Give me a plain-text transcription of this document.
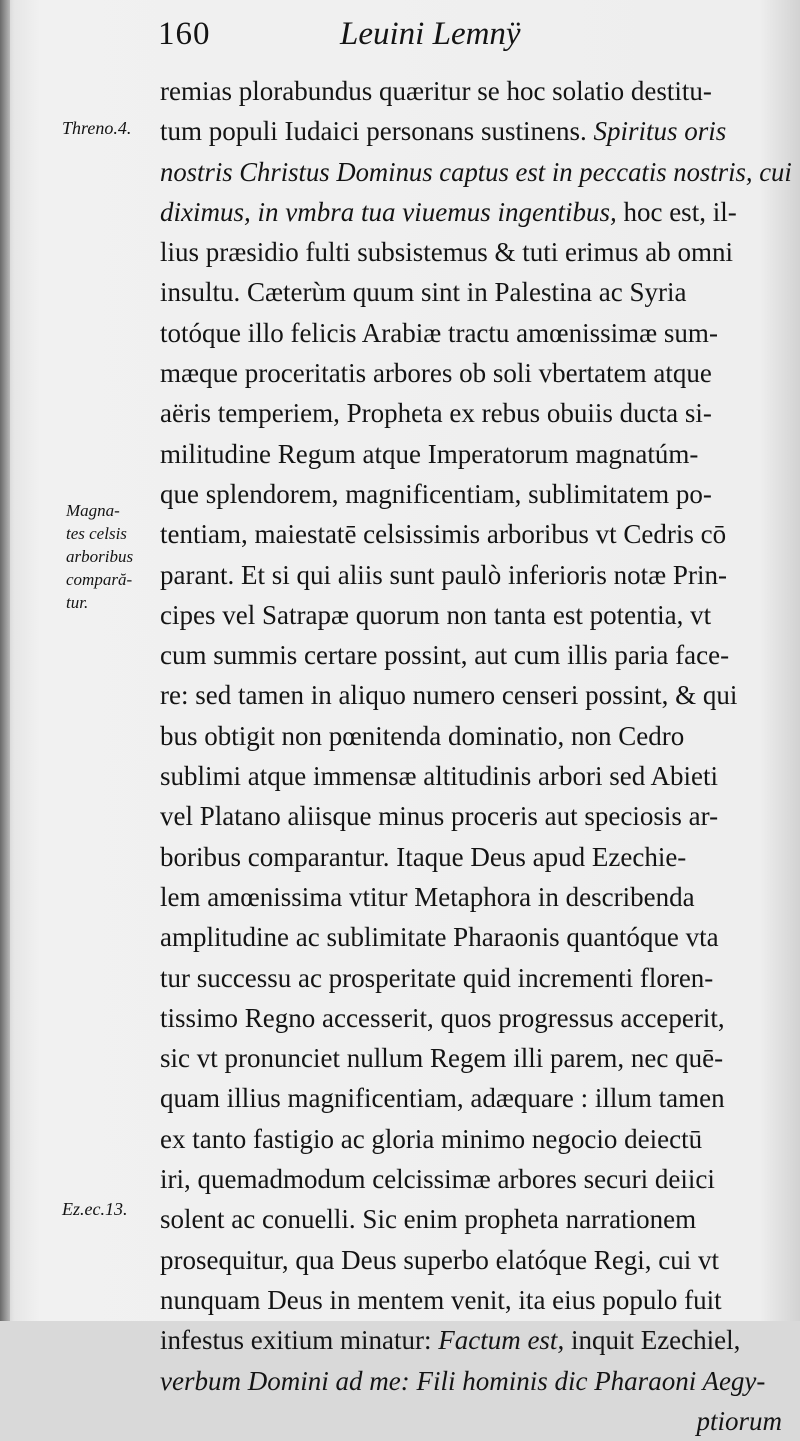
160	Leuini Lemnÿ
Threno.4.
Magna-
tes celsis
arboribus
compară-
tur.
Ez.ec.13.
remias plorabundus quæritur se hoc solatio destitu-
tum populi Iudaici personans sustinens. Spiritus oris
nostris Christus Dominus captus est in peccatis nostris, cui
diximus, in vmbra tua viuemus ingentibus, hoc est, il-
lius præsidio fulti subsistemus & tuti erimus ab omni
insultu. Cæterùm quum sint in Palestina ac Syria
totóque illo felicis Arabiæ tractu amœnissimæ sum-
mæque proceritatis arbores ob soli vbertatem atque
aëris temperiem, Propheta ex rebus obuiis ducta si-
militudine Regum atque Imperatorum magnatúm-
que splendorem, magnificentiam, sublimitatem po-
tentiam, maiestatē celsissimis arboribus vt Cedris cō
parant. Et si qui aliis sunt paulò inferioris notæ Prin-
cipes vel Satrapæ quorum non tanta est potentia, vt
cum summis certare possint, aut cum illis paria face-
re: sed tamen in aliquo numero censeri possint, & qui
bus obtigit non pœnitenda dominatio, non Cedro
sublimi atque immensæ altitudinis arbori sed Abieti
vel Platano aliisque minus proceris aut speciosis ar-
boribus comparantur. Itaque Deus apud Ezechie-
lem amœnissima vtitur Metaphora in describenda
amplitudine ac sublimitate Pharaonis quantóque vta
tur successu ac prosperitate quid incrementi floren-
tissimo Regno accesserit, quos progressus acceperit,
sic vt pronunciet nullum Regem illi parem, nec quē-
quam illius magnificentiam, adæquare : illum tamen
ex tanto fastigio ac gloria minimo negocio deiectū
iri, quemadmodum celcissimæ arbores securi deiici
solent ac conuelli. Sic enim propheta narrationem
prosequitur, qua Deus superbo elatóque Regi, cui vt
nunquam Deus in mentem venit, ita eius populo fuit
infestus exitium minatur: Factum est, inquit Ezechiel,
verbum Domini ad me: Fili hominis dic Pharaoni Aegy-
ptiorum
